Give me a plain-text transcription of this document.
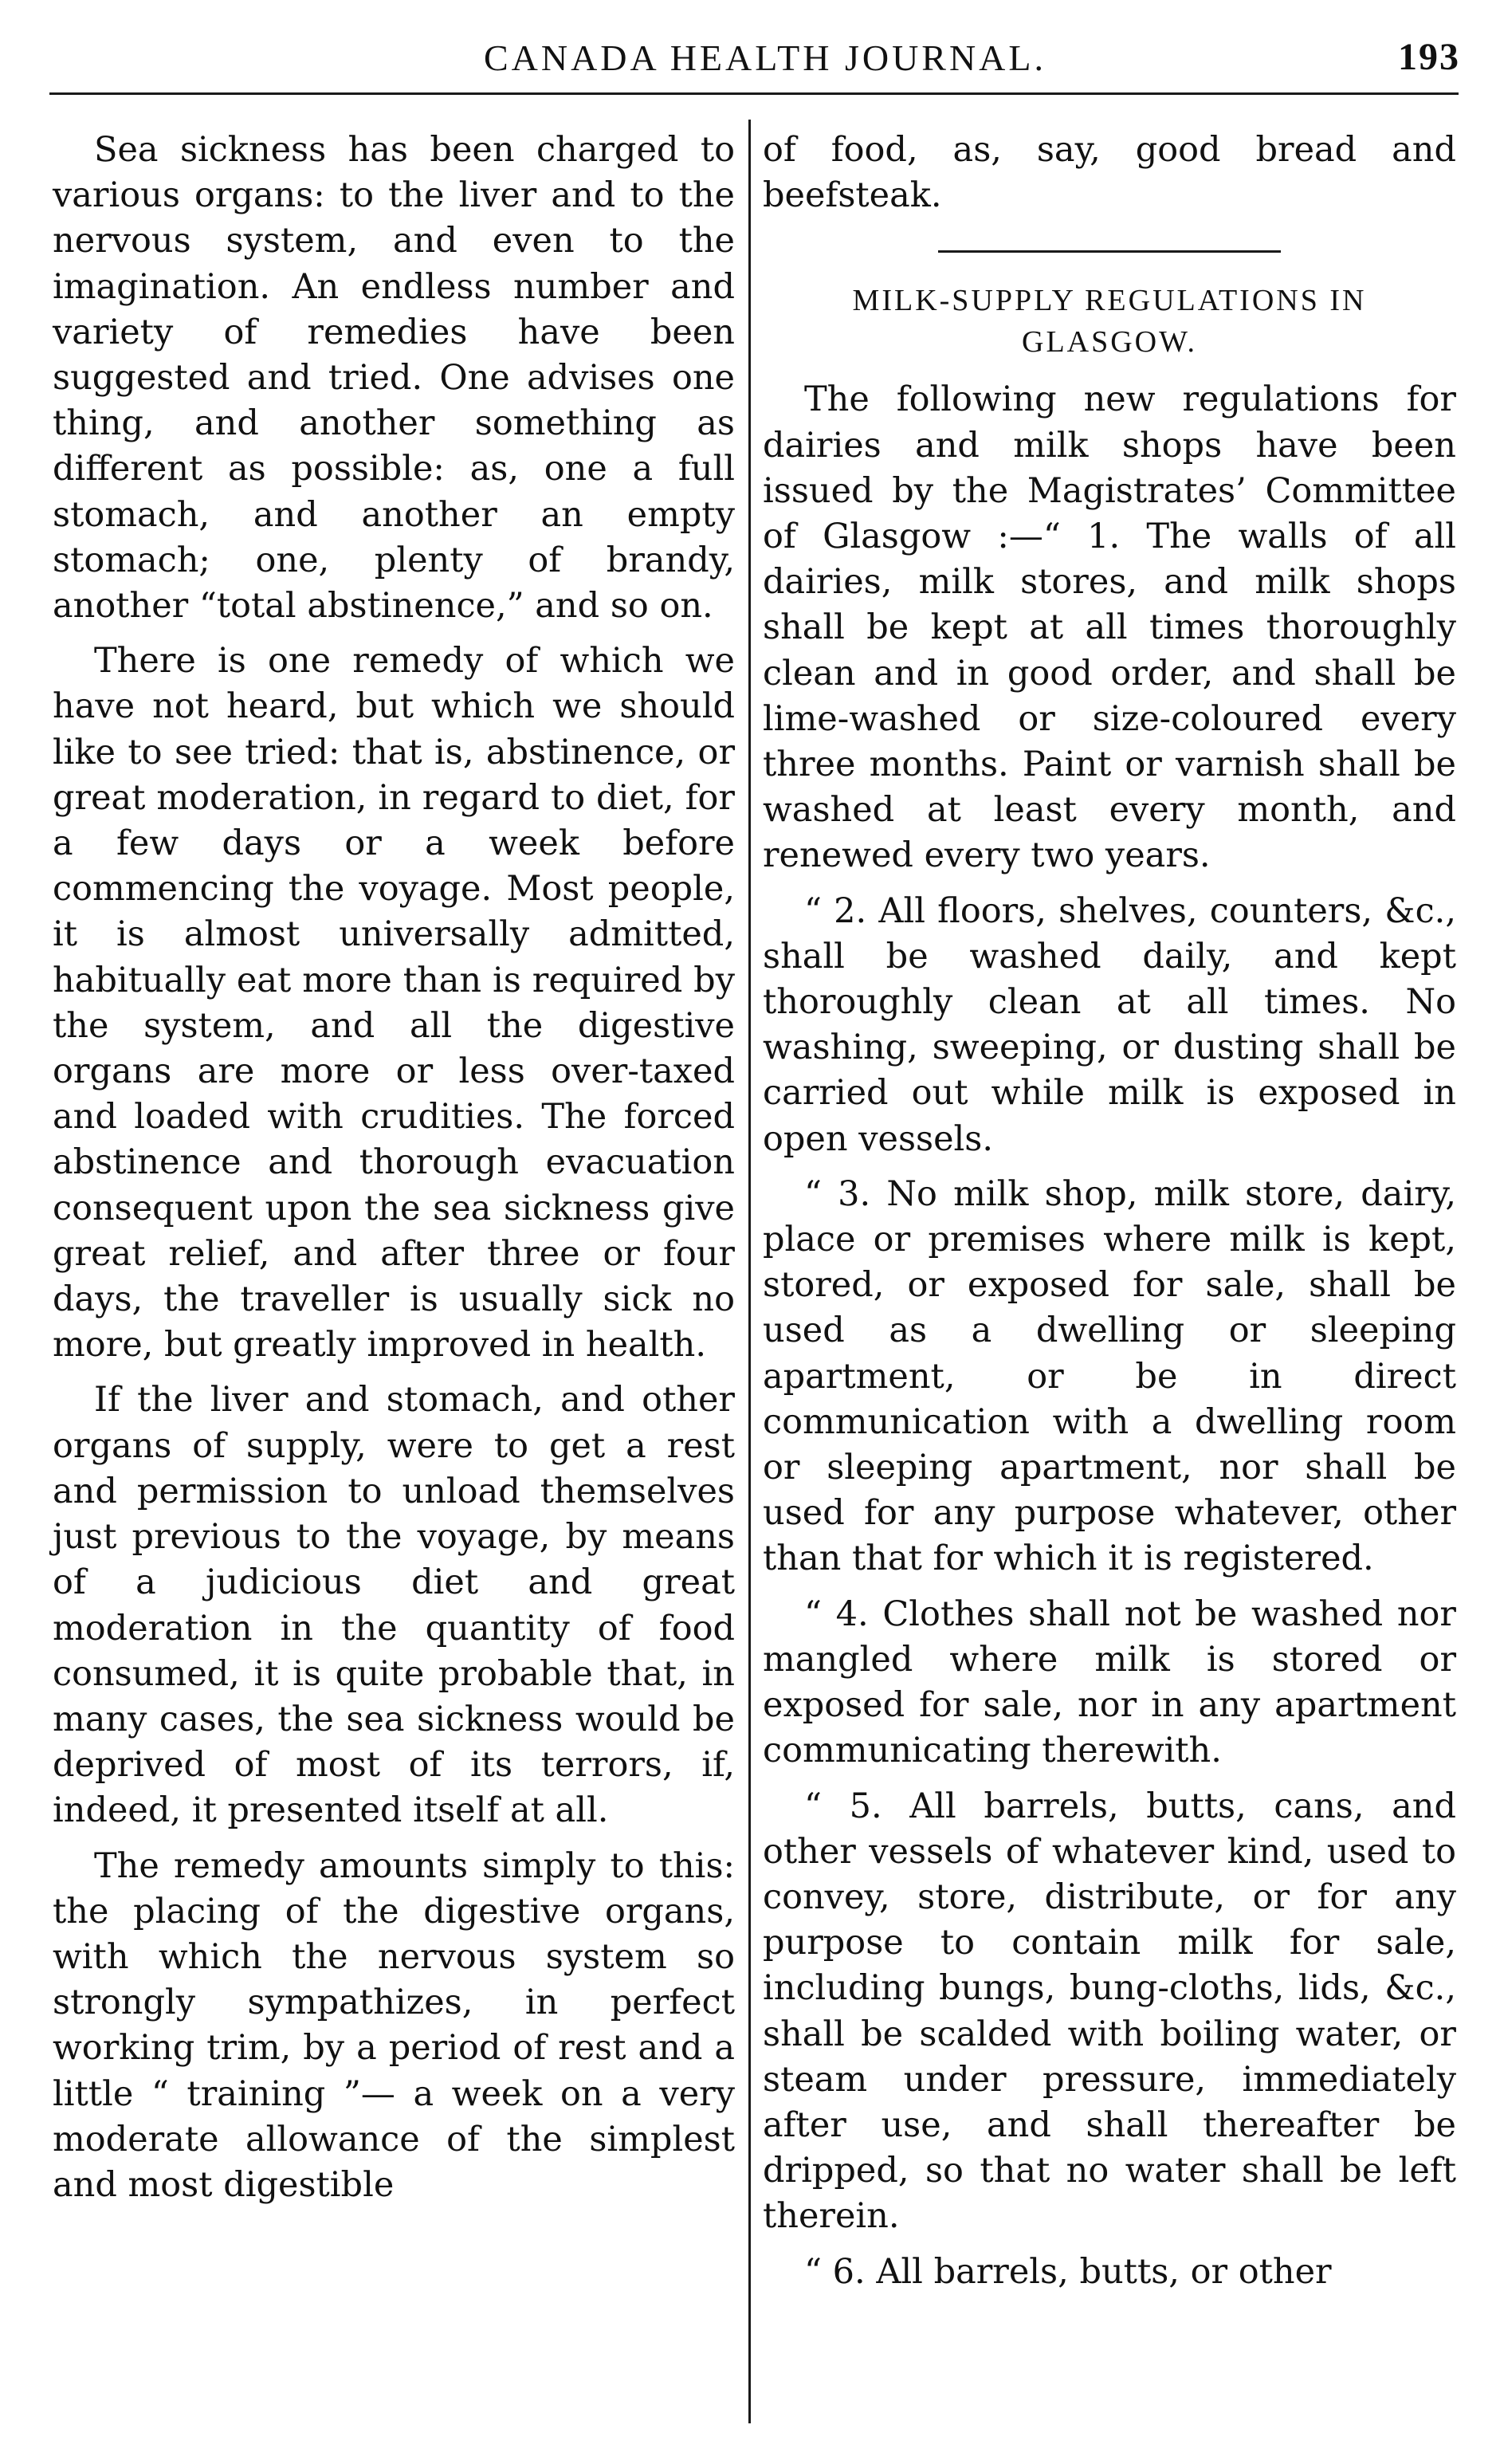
CANADA HEALTH JOURNAL.	193

Sea sickness has been charged to various organs: to the liver and to the nervous system, and even to the imagination. An endless number and variety of remedies have been suggested and tried. One advises one thing, and another something as different as possible: as, one a full stomach, and another an empty stomach; one, plenty of brandy, another “total abstinence,” and so on.

There is one remedy of which we have not heard, but which we should like to see tried: that is, abstinence, or great moderation, in regard to diet, for a few days or a week before commencing the voyage. Most people, it is almost universally admitted, habitually eat more than is required by the system, and all the digestive organs are more or less over-taxed and loaded with crudities. The forced abstinence and thorough evacuation consequent upon the sea sickness give great relief, and after three or four days, the traveller is usually sick no more, but greatly improved in health.

If the liver and stomach, and other organs of supply, were to get a rest and permission to unload themselves just previous to the voyage, by means of a judicious diet and great moderation in the quantity of food consumed, it is quite probable that, in many cases, the sea sickness would be deprived of most of its terrors, if, indeed, it presented itself at all.

The remedy amounts simply to this: the placing of the digestive organs, with which the nervous system so strongly sympathizes, in perfect working trim, by a period of rest and a little “ training ”— a week on a very moderate allowance of the simplest and most digestible

of food, as, say, good bread and beefsteak.

MILK-SUPPLY REGULATIONS IN GLASGOW.

The following new regulations for dairies and milk shops have been issued by the Magistrates’ Committee of Glasgow :—“ 1. The walls of all dairies, milk stores, and milk shops shall be kept at all times thoroughly clean and in good order, and shall be lime-washed or size-coloured every three months. Paint or varnish shall be washed at least every month, and renewed every two years.

“ 2. All floors, shelves, counters, &c., shall be washed daily, and kept thoroughly clean at all times. No washing, sweeping, or dusting shall be carried out while milk is exposed in open vessels.

“ 3. No milk shop, milk store, dairy, place or premises where milk is kept, stored, or exposed for sale, shall be used as a dwelling or sleeping apartment, or be in direct communication with a dwelling room or sleeping apartment, nor shall be used for any purpose whatever, other than that for which it is registered.

“ 4. Clothes shall not be washed nor mangled where milk is stored or exposed for sale, nor in any apartment communicating therewith.

“ 5. All barrels, butts, cans, and other vessels of whatever kind, used to convey, store, distribute, or for any purpose to contain milk for sale, including bungs, bung-cloths, lids, &c., shall be scalded with boiling water, or steam under pressure, immediately after use, and shall thereafter be dripped, so that no water shall be left therein.

“ 6. All barrels, butts, or other
